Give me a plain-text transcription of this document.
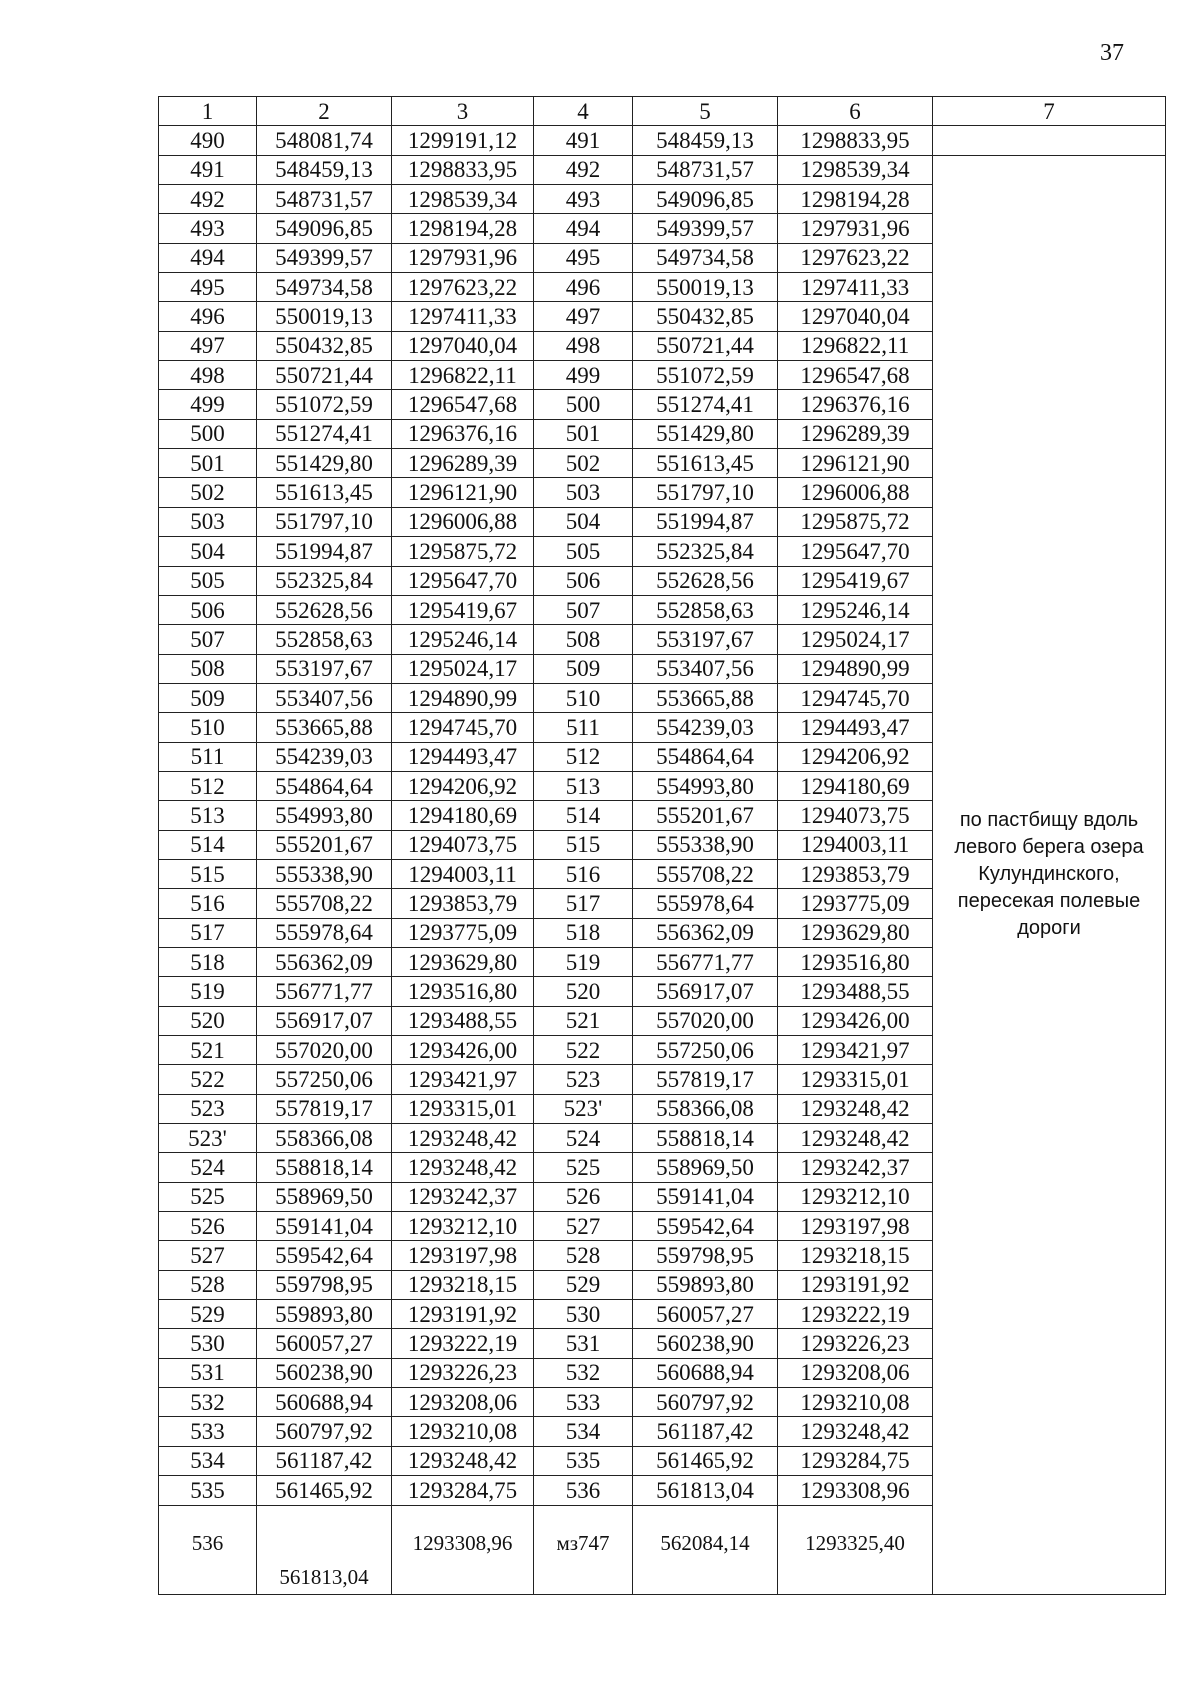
37
1	2	3	4	5	6	7
490	548081,74	1299191,12	491	548459,13	1298833,95	
491	548459,13	1298833,95	492	548731,57	1298539,34	по пастбищу вдоль левого берега озера Кулундинского, пересекая полевые дороги
492	548731,57	1298539,34	493	549096,85	1298194,28	
493	549096,85	1298194,28	494	549399,57	1297931,96	
494	549399,57	1297931,96	495	549734,58	1297623,22	
495	549734,58	1297623,22	496	550019,13	1297411,33	
496	550019,13	1297411,33	497	550432,85	1297040,04	
497	550432,85	1297040,04	498	550721,44	1296822,11	
498	550721,44	1296822,11	499	551072,59	1296547,68	
499	551072,59	1296547,68	500	551274,41	1296376,16	
500	551274,41	1296376,16	501	551429,80	1296289,39	
501	551429,80	1296289,39	502	551613,45	1296121,90	
502	551613,45	1296121,90	503	551797,10	1296006,88	
503	551797,10	1296006,88	504	551994,87	1295875,72	
504	551994,87	1295875,72	505	552325,84	1295647,70	
505	552325,84	1295647,70	506	552628,56	1295419,67	
506	552628,56	1295419,67	507	552858,63	1295246,14	
507	552858,63	1295246,14	508	553197,67	1295024,17	
508	553197,67	1295024,17	509	553407,56	1294890,99	
509	553407,56	1294890,99	510	553665,88	1294745,70	
510	553665,88	1294745,70	511	554239,03	1294493,47	
511	554239,03	1294493,47	512	554864,64	1294206,92	
512	554864,64	1294206,92	513	554993,80	1294180,69	
513	554993,80	1294180,69	514	555201,67	1294073,75	
514	555201,67	1294073,75	515	555338,90	1294003,11	
515	555338,90	1294003,11	516	555708,22	1293853,79	
516	555708,22	1293853,79	517	555978,64	1293775,09	
517	555978,64	1293775,09	518	556362,09	1293629,80	
518	556362,09	1293629,80	519	556771,77	1293516,80	
519	556771,77	1293516,80	520	556917,07	1293488,55	
520	556917,07	1293488,55	521	557020,00	1293426,00	
521	557020,00	1293426,00	522	557250,06	1293421,97	
522	557250,06	1293421,97	523	557819,17	1293315,01	
523	557819,17	1293315,01	523'	558366,08	1293248,42	
523'	558366,08	1293248,42	524	558818,14	1293248,42	
524	558818,14	1293248,42	525	558969,50	1293242,37	
525	558969,50	1293242,37	526	559141,04	1293212,10	
526	559141,04	1293212,10	527	559542,64	1293197,98	
527	559542,64	1293197,98	528	559798,95	1293218,15	
528	559798,95	1293218,15	529	559893,80	1293191,92	
529	559893,80	1293191,92	530	560057,27	1293222,19	
530	560057,27	1293222,19	531	560238,90	1293226,23	
531	560238,90	1293226,23	532	560688,94	1293208,06	
532	560688,94	1293208,06	533	560797,92	1293210,08	
533	560797,92	1293210,08	534	561187,42	1293248,42	
534	561187,42	1293248,42	535	561465,92	1293284,75	
535	561465,92	1293284,75	536	561813,04	1293308,96	
536	561813,04	1293308,96	мз747	562084,14	1293325,40	
